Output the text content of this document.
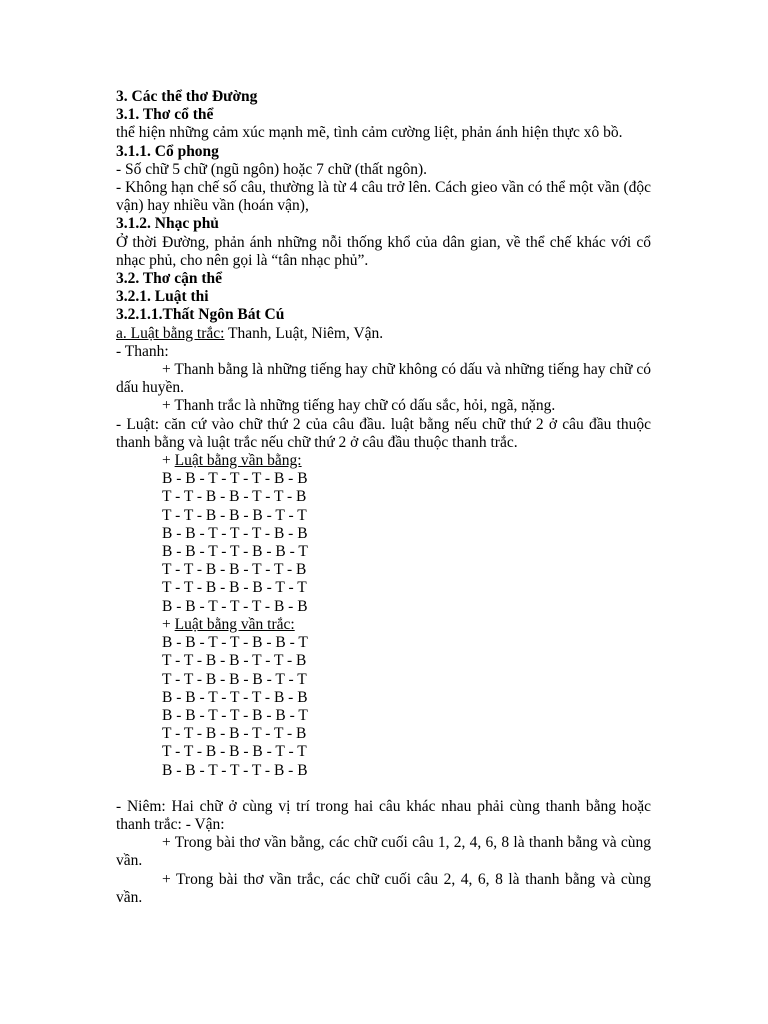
3. Các thể thơ Đường
3.1. Thơ cổ thể
thể hiện những cảm xúc mạnh mẽ, tình cảm cường liệt, phản ánh hiện thực xô bồ.
3.1.1. Cổ phong
- Số chữ 5 chữ (ngũ ngôn) hoặc 7 chữ (thất ngôn).
- Không hạn chế số câu, thường là từ 4 câu trở lên. Cách gieo vần có thể một vần (độc vận) hay nhiều vần (hoán vận),
3.1.2. Nhạc phủ
Ở thời Đường, phản ánh những nỗi thống khổ của dân gian, về thể chế khác với cổ nhạc phủ, cho nên gọi là “tân nhạc phủ”.
3.2. Thơ cận thể
3.2.1. Luật thi
3.2.1.1.Thất Ngôn Bát Cú
a. Luật bằng trắc: Thanh, Luật, Niêm, Vận.
- Thanh:
+ Thanh bằng là những tiếng hay chữ không có dấu và những tiếng hay chữ có dấu huyền.
+ Thanh trắc là những tiếng hay chữ có dấu sắc, hỏi, ngã, nặng.
- Luật: căn cứ vào chữ thứ 2 của câu đầu. luật bằng nếu chữ thứ 2 ở câu đầu thuộc thanh bằng và luật trắc nếu chữ thứ 2 ở câu đầu thuộc thanh trắc.
+ Luật bằng vần bằng:
B - B - T - T - T - B - B
T - T - B - B - T - T - B
T - T - B - B - B - T - T
B - B - T - T - T - B - B
B - B - T - T - B - B - T
T - T - B - B - T - T - B
T - T - B - B - B - T - T
B - B - T - T - T - B - B
+ Luật bằng vần trắc:
B - B - T - T - B - B - T
T - T - B - B - T - T - B
T - T - B - B - B - T - T
B - B - T - T - T - B - B
B - B - T - T - B - B - T
T - T - B - B - T - T - B
T - T - B - B - B - T - T
B - B - T - T - T - B - B
- Niêm: Hai chữ ở cùng vị trí trong hai câu khác nhau phải cùng thanh bằng hoặc thanh trắc: - Vận:
+ Trong bài thơ vần bằng, các chữ cuối câu 1, 2, 4, 6, 8 là thanh bằng và cùng vần.
+ Trong bài thơ vần trắc, các chữ cuối câu 2, 4, 6, 8 là thanh bằng và cùng vần.
